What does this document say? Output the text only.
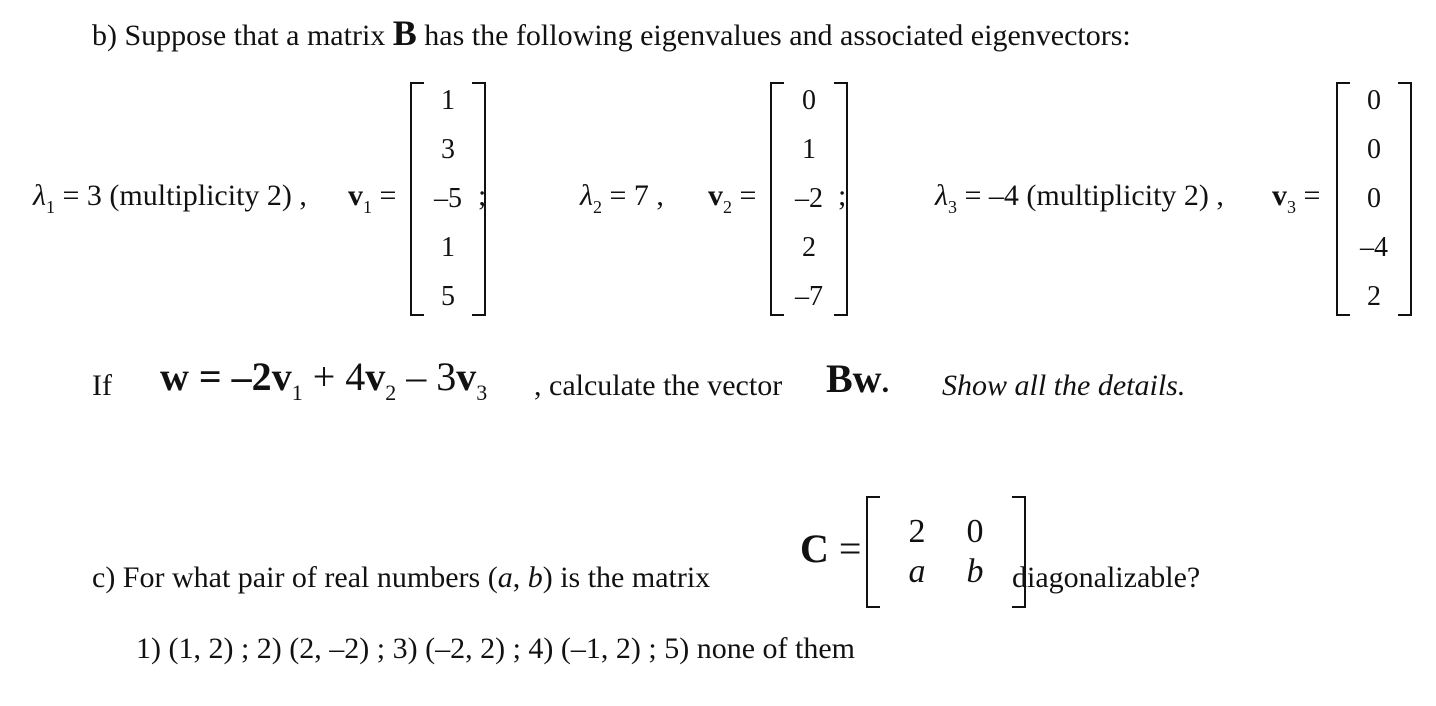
b) Suppose that a matrix B has the following eigenvalues and associated eigenvectors:
$\lambda_1 = 3$ (multiplicity 2) , $v_1$ =
1
3
–5
1
5
;	$\lambda_2 = 7$ , $v_2$ =
0
1
–2
2
–7
;	$\lambda_3 = -4$ (multiplicity 2) , $v_3$ =
0
0
0
–4
2
If $w = -2v_1 + 4v_2 - 3v_3$ , calculate the vector Bw. Show all the details.
c) For what pair of real numbers (a, b) is the matrix
C = 2
a
0
b diagonalizable?
1) (1, 2) ; 2) (2, –2) ; 3) (–2, 2) ; 4) (–1, 2) ; 5) none of them
